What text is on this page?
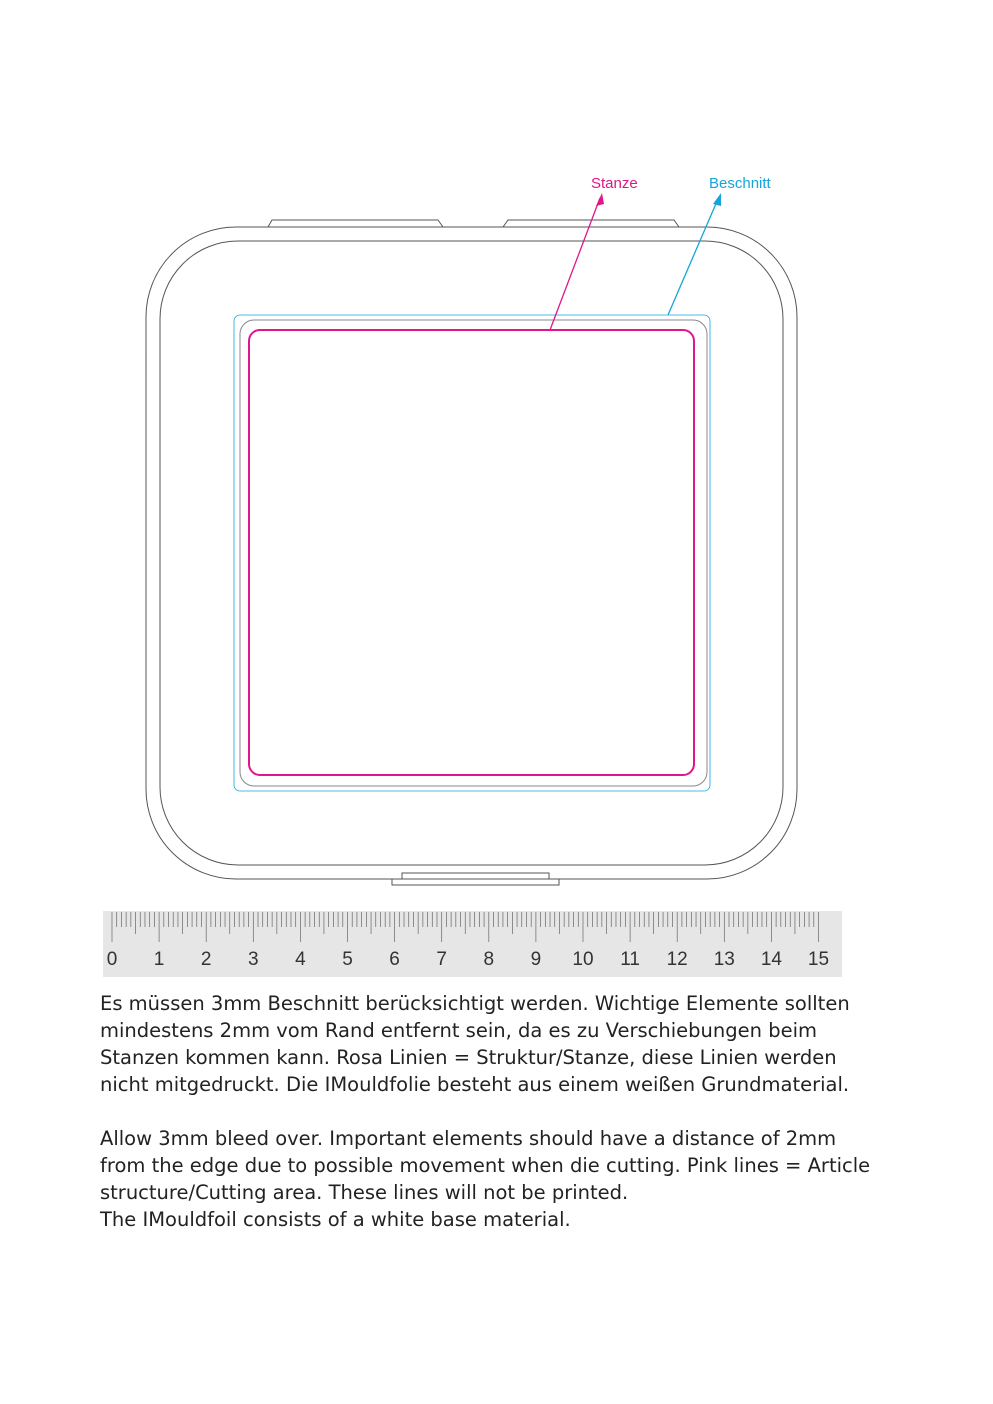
Stanze	Beschnitt
0 1 2 3 4 5 6 7 8 9 10 11 12 13 14 15
Es müssen 3mm Beschnitt berücksichtigt werden. Wichtige Elemente sollten
mindestens 2mm vom Rand entfernt sein, da es zu Verschiebungen beim
Stanzen kommen kann. Rosa Linien = Struktur/Stanze, diese Linien werden
nicht mitgedruckt. Die IMouldfolie besteht aus einem weißen Grundmaterial.
Allow 3mm bleed over. Important elements should have a distance of 2mm
from the edge due to possible movement when die cutting. Pink lines = Article
structure/Cutting area. These lines will not be printed.
The IMouldfoil consists of a white base material.
